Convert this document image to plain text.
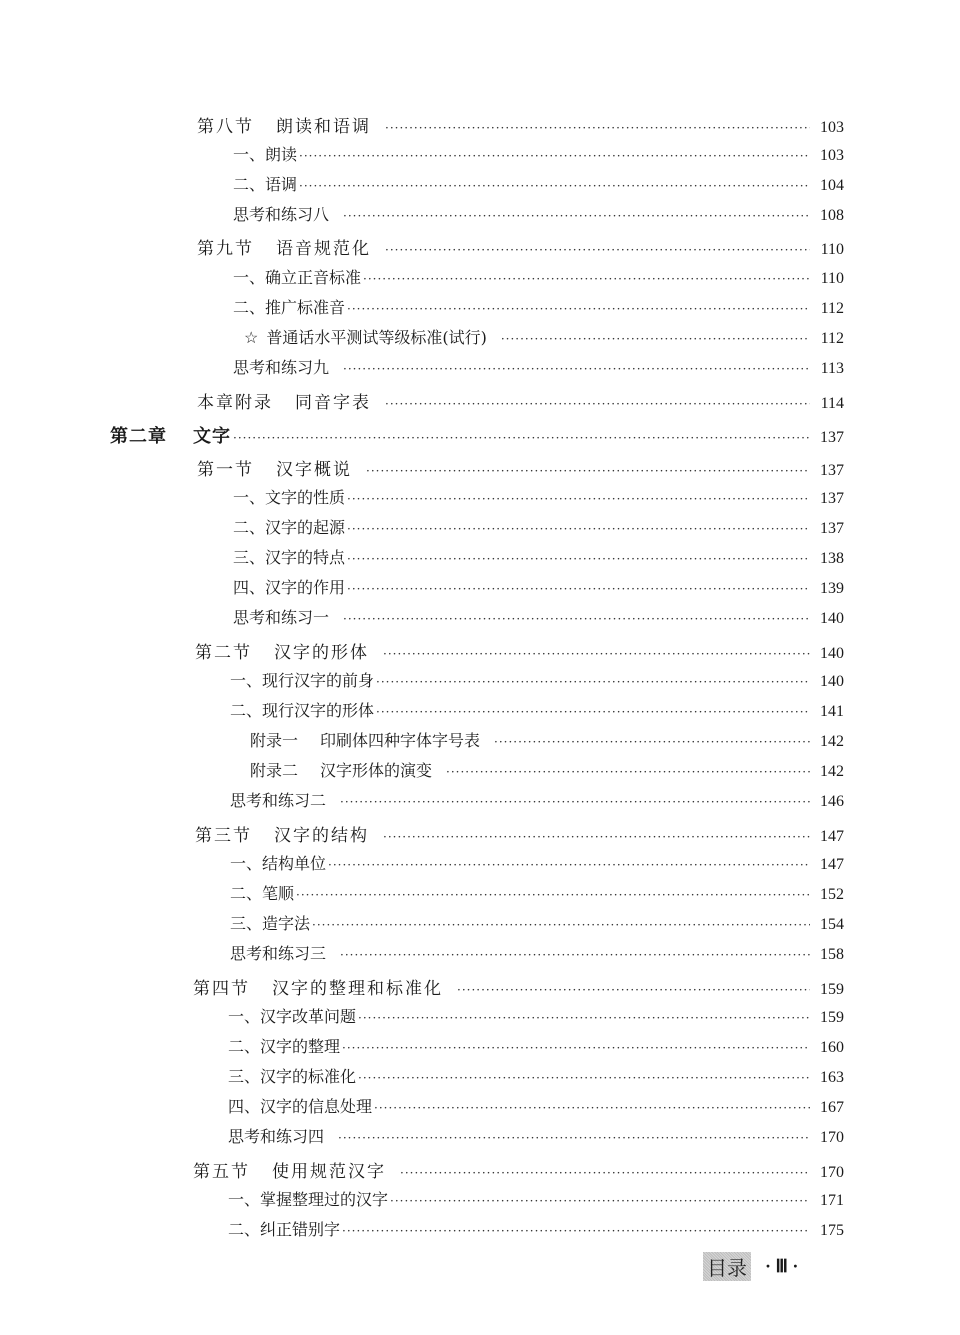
第八节 朗读和语调 ·····	103
一、朗读 ·····	103
二、语调 ·····	104
思考和练习八 ·····	108
第九节 语音规范化 ·····	110
一、确立正音标准 ·····	110
二、推广标准音 ·····	112
☆ 普通话水平测试等级标准(试行) ·····	112
思考和练习九 ·····	113
本章附录 同音字表 ·····	114
第二章 文字 ·····	137
第一节 汉字概说 ·····	137
一、文字的性质 ·····	137
二、汉字的起源 ·····	137
三、汉字的特点 ·····	138
四、汉字的作用 ·····	139
思考和练习一 ·····	140
第二节 汉字的形体 ·····	140
一、现行汉字的前身 ·····	140
二、现行汉字的形体 ·····	141
附录一 印刷体四种字体字号表 ·····	142
附录二 汉字形体的演变 ·····	142
思考和练习二 ·····	146
第三节 汉字的结构 ·····	147
一、结构单位 ·····	147
二、笔顺 ·····	152
三、造字法 ·····	154
思考和练习三 ·····	158
第四节 汉字的整理和标准化 ·····	159
一、汉字改革问题 ·····	159
二、汉字的整理 ·····	160
三、汉字的标准化 ·····	163
四、汉字的信息处理 ·····	167
思考和练习四 ·····	170
第五节 使用规范汉字 ·····	170
一、掌握整理过的汉字 ·····	171
二、纠正错别字 ·····	175
目录 · Ⅲ ·
